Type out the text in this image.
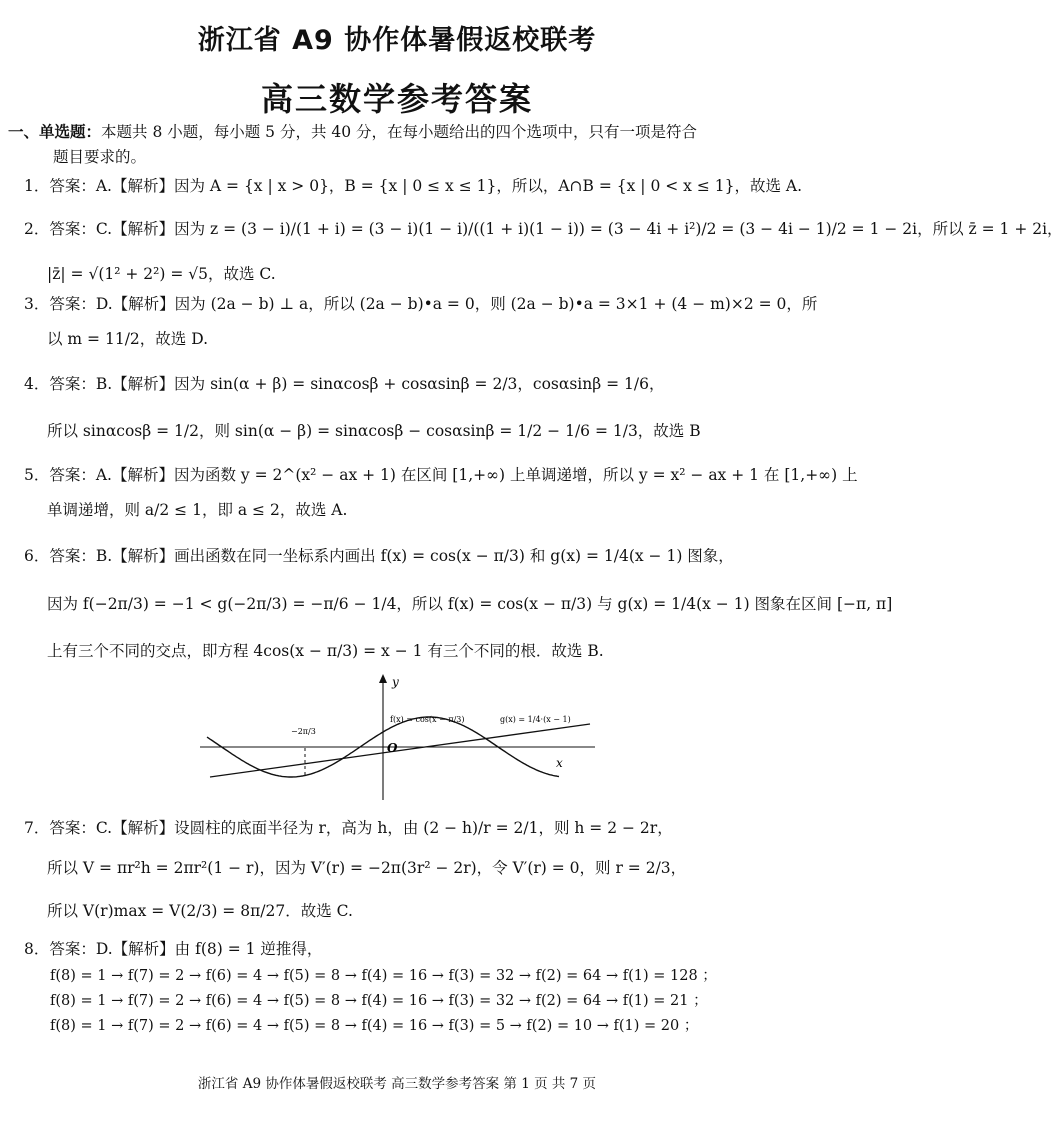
浙江省 A9 协作体暑假返校联考
高三数学参考答案
一、单选题：本题共 8 小题，每小题 5 分，共 40 分，在每小题给出的四个选项中，只有一项是符合
题目要求的。
1．答案：A.【解析】因为 A = {x | x > 0}，B = {x | 0 ≤ x ≤ 1}，所以，A∩B = {x | 0 < x ≤ 1}，故选 A.
2．答案：C.【解析】因为 z = (3 − i)/(1 + i) = (3 − i)(1 − i)/((1 + i)(1 − i)) = (3 − 4i + i²)/2 = (3 − 4i − 1)/2 = 1 − 2i，所以 z̄ = 1 + 2i，
|z̄| = √(1² + 2²) = √5，故选 C.
3．答案：D.【解析】因为 (2a − b) ⊥ a，所以 (2a − b)•a = 0，则 (2a − b)•a = 3×1 + (4 − m)×2 = 0，所
以 m = 11/2，故选 D.
4．答案：B.【解析】因为 sin(α + β) = sinαcosβ + cosαsinβ = 2/3，cosαsinβ = 1/6，
所以 sinαcosβ = 1/2，则 sin(α − β) = sinαcosβ − cosαsinβ = 1/2 − 1/6 = 1/3，故选 B
5．答案：A.【解析】因为函数 y = 2^(x² − ax + 1) 在区间 [1,+∞) 上单调递增，所以 y = x² − ax + 1 在 [1,+∞) 上
单调递增，则 a/2 ≤ 1，即 a ≤ 2，故选 A.
6．答案：B.【解析】画出函数在同一坐标系内画出 f(x) = cos(x − π/3) 和 g(x) = 1/4(x − 1) 图象，
因为 f(−2π/3) = −1 < g(−2π/3) = −π/6 − 1/4，所以 f(x) = cos(x − π/3) 与 g(x) = 1/4(x − 1) 图象在区间 [−π, π]
上有三个不同的交点，即方程 4cos(x − π/3) = x − 1 有三个不同的根．故选 B.
y
x
O
f(x) = cos(x − π/3)	g(x) = 1/4·(x − 1)
−2π/3
7．答案：C.【解析】设圆柱的底面半径为 r，高为 h，由 (2 − h)/r = 2/1，则 h = 2 − 2r，
所以 V = πr²h = 2πr²(1 − r)，因为 V′(r) = −2π(3r² − 2r)，令 V′(r) = 0，则 r = 2/3，
所以 V(r)max = V(2/3) = 8π/27．故选 C.
8．答案：D.【解析】由 f(8) = 1 逆推得，
f(8) = 1 → f(7) = 2 → f(6) = 4 → f(5) = 8 → f(4) = 16 → f(3) = 32 → f(2) = 64 → f(1) = 128 ；
f(8) = 1 → f(7) = 2 → f(6) = 4 → f(5) = 8 → f(4) = 16 → f(3) = 32 → f(2) = 64 → f(1) = 21 ；
f(8) = 1 → f(7) = 2 → f(6) = 4 → f(5) = 8 → f(4) = 16 → f(3) = 5 → f(2) = 10 → f(1) = 20 ；
浙江省 A9 协作体暑假返校联考 高三数学参考答案 第 1 页 共 7 页
